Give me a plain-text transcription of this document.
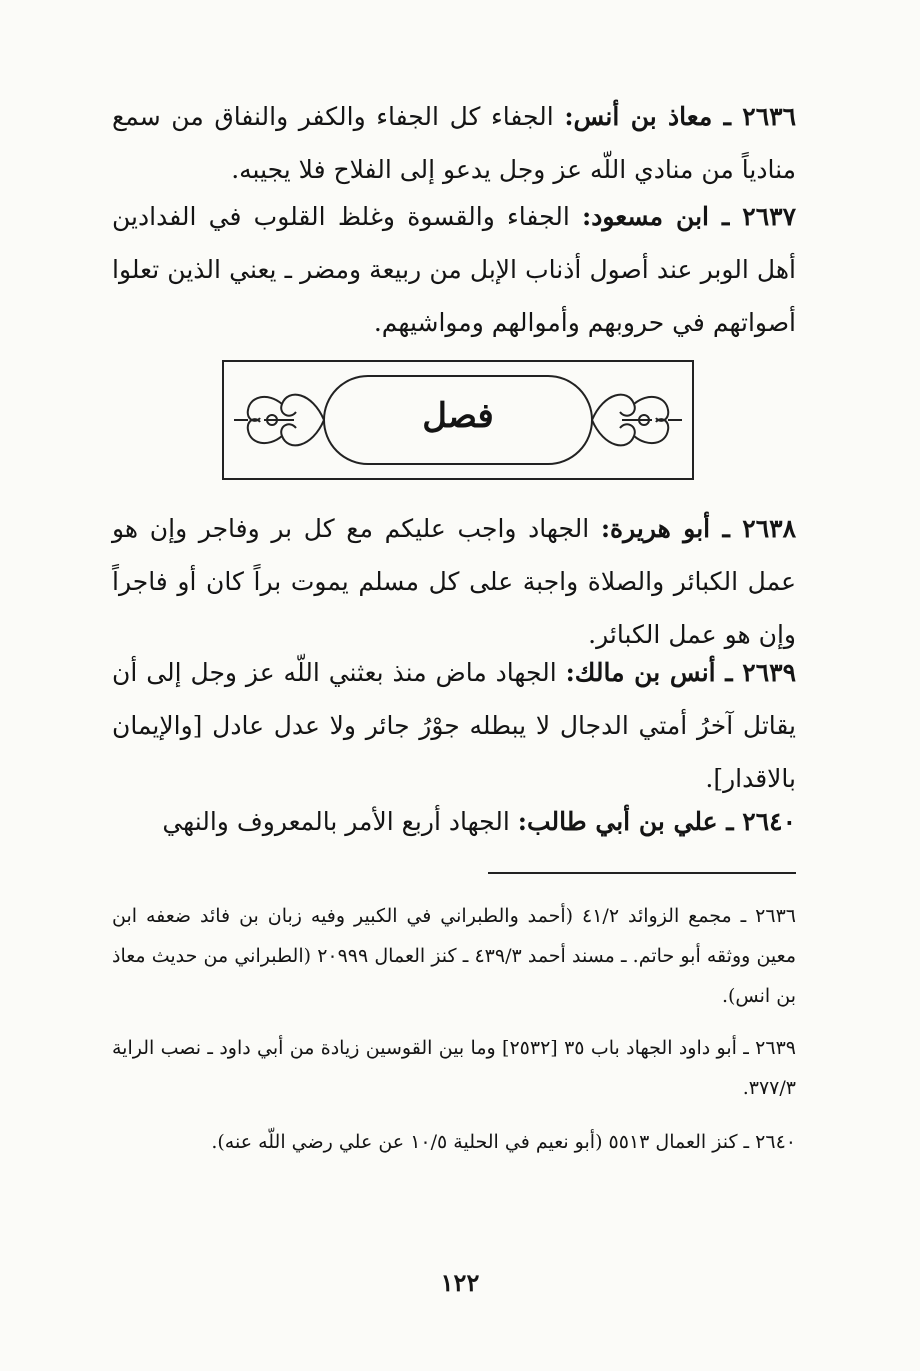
٢٦٣٦ ـ معاذ بن أنس: الجفاء كل الجفاء والكفر والنفاق من سمع منادياً من منادي اللّه عز وجل يدعو إلى الفلاح فلا يجيبه.

٢٦٣٧ ـ ابن مسعود: الجفاء والقسوة وغلظ القلوب في الفدادين أهل الوبر عند أصول أذناب الإبل من ربيعة ومضر ـ يعني الذين تعلوا أصواتهم في حروبهم وأموالهم ومواشيهم.

فصل

٢٦٣٨ ـ أبو هريرة: الجهاد واجب عليكم مع كل بر وفاجر وإن هو عمل الكبائر والصلاة واجبة على كل مسلم يموت براً كان أو فاجراً وإن هو عمل الكبائر.

٢٦٣٩ ـ أنس بن مالك: الجهاد ماض منذ بعثني اللّه عز وجل إلى أن يقاتل آخرُ أمتي الدجال لا يبطله جوْرُ جائر ولا عدل عادل [والإيمان بالاقدار].

٢٦٤٠ ـ علي بن أبي طالب: الجهاد أربع الأمر بالمعروف والنهي

٢٦٣٦ ـ مجمع الزوائد ٤١/٢ (أحمد والطبراني في الكبير وفيه زبان بن فائد ضعفه ابن معين ووثقه أبو حاتم. ـ مسند أحمد ٤٣٩/٣ ـ كنز العمال ٢٠٩٩٩ (الطبراني من حديث معاذ بن انس).

٢٦٣٩ ـ أبو داود الجهاد باب ٣٥ [٢٥٣٢] وما بين القوسين زيادة من أبي داود ـ نصب الراية ٣٧٧/٣.

٢٦٤٠ ـ كنز العمال ٥٥١٣ (أبو نعيم في الحلية ١٠/٥ عن علي رضي اللّه عنه).

١٢٢
